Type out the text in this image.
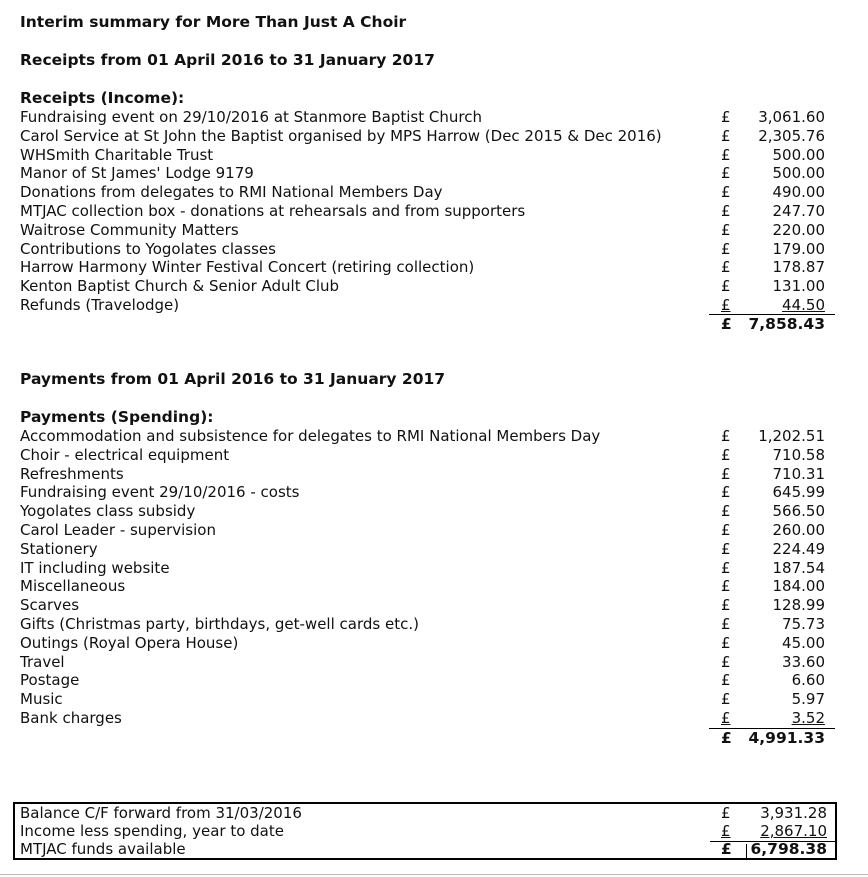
Interim summary for More Than Just A Choir
Receipts from 01 April 2016 to 31 January 2017
Receipts (Income):
Fundraising event on 29/10/2016 at Stanmore Baptist Church	£ 3,061.60
Carol Service at St John the Baptist organised by MPS Harrow (Dec 2015 & Dec 2016)	£ 2,305.76
WHSmith Charitable Trust	£	500.00
Manor of St James' Lodge 9179	£	500.00
Donations from delegates to RMI National Members Day	£	490.00
MTJAC collection box - donations at rehearsals and from supporters	£	247.70
Waitrose Community Matters	£	220.00
Contributions to Yogolates classes	£	179.00
Harrow Harmony Winter Festival Concert (retiring collection)	£	178.87
Kenton Baptist Church & Senior Adult Club	£	131.00
Refunds (Travelodge)	£	44.50
£ 7,858.43
Payments from 01 April 2016 to 31 January 2017
Payments (Spending):
Accommodation and subsistence for delegates to RMI National Members Day	£ 1,202.51
Choir - electrical equipment	£	710.58
Refreshments	£	710.31
Fundraising event 29/10/2016 - costs	£	645.99
Yogolates class subsidy	£	566.50
Carol Leader - supervision	£	260.00
Stationery	£	224.49
IT including website	£	187.54
Miscellaneous	£	184.00
Scarves	£	128.99
Gifts (Christmas party, birthdays, get-well cards etc.)	£	75.73
Outings (Royal Opera House)	£	45.00
Travel	£	33.60
Postage	£	6.60
Music	£	5.97
Bank charges	£	3.52
£ 4,991.33
Balance C/F forward from 31/03/2016	£ 3,931.28
Income less spending, year to date	£ 2,867.10
MTJAC funds available	£ 6,798.38
